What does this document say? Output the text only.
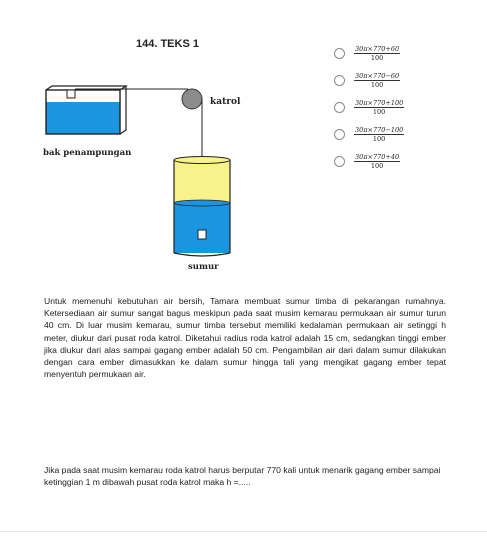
144. TEKS 1
katrol
sumur
bak penampungan
$\frac{30\pi\times 770+60}{100}$
$\frac{30\pi\times 770-60}{100}$
$\frac{30\pi\times 770+100}{100}$
$\frac{30\pi\times 770-100}{100}$
$\frac{30\pi\times 770+40}{100}$
Untuk memenuhi kebutuhan air bersih, Tamara membuat sumur timba di pekarangan rumahnya. Ketersediaan air sumur sangat bagus meskipun pada saat musim kemarau permukaan air sumur turun 40 cm. Di luar musim kemarau, sumur timba tersebut memiliki kedalaman permukaan air setinggi h meter, diukur dari pusat roda katrol. Diketahui radius roda katrol adalah 15 cm, sedangkan tinggi ember jika diukur dari alas sampai gagang ember adalah 50 cm. Pengambilan air dari dalam sumur dilakukan dengan cara ember dimasukkan ke dalam sumur hingga tali yang mengikat gagang ember tepat menyentuh permukaan air.
Jika pada saat musim kemarau roda katrol harus berputar 770 kali untuk menarik gagang ember sampai ketinggian 1 m dibawah pusat roda katrol maka h =.....
